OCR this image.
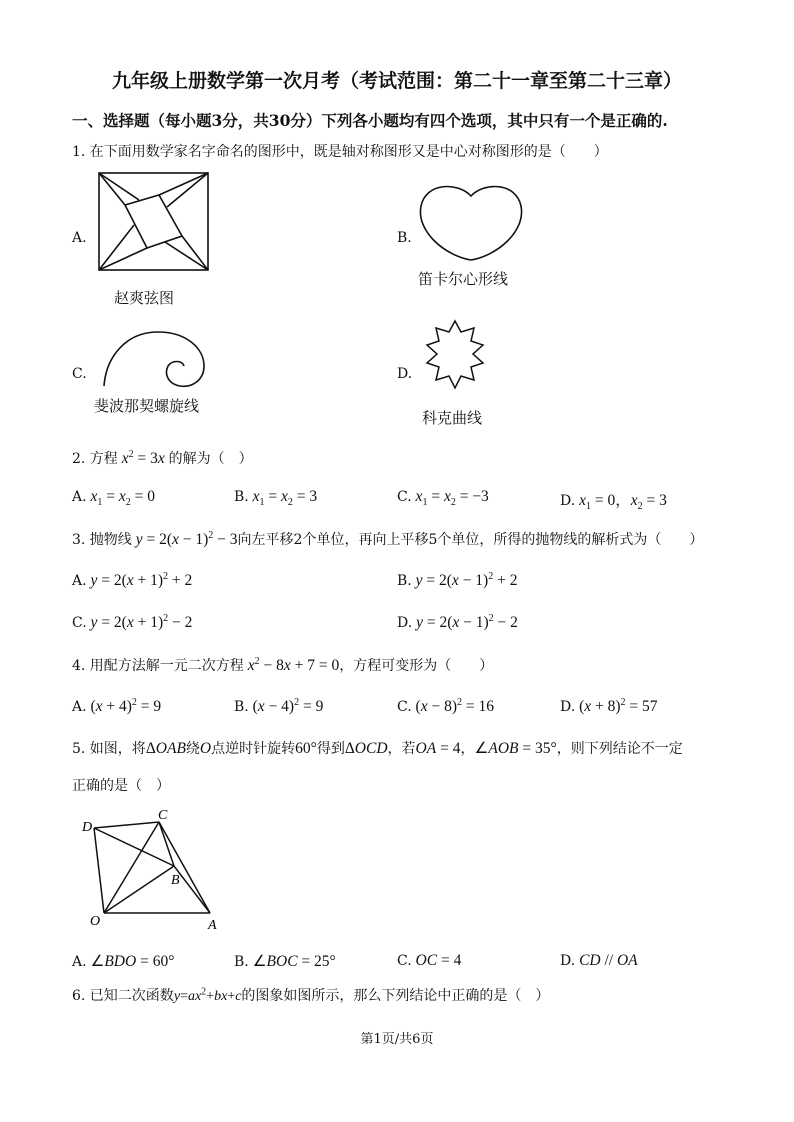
九年级上册数学第一次月考（考试范围：第二十一章至第二十三章）
一、选择题（每小题3分，共30分）下列各小题均有四个选项，其中只有一个是正确的.
1. 在下面用数学家名字命名的图形中，既是轴对称图形又是中心对称图形的是（　　）
A.
赵爽弦图
B.
笛卡尔心形线
C.
斐波那契螺旋线
D.
科克曲线
2. 方程 $x^2 = 3x$ 的解为（　）
A. $x_1 = x_2 = 0$	B. $x_1 = x_2 = 3$	C. $x_1 = x_2 = -3$	D. $x_1 = 0$，$x_2 = 3$
3. 抛物线 $y = 2(x - 1)^2 - 3$向左平移2个单位，再向上平移5个单位，所得的抛物线的解析式为（　　）
A. $y = 2(x + 1)^2 + 2$	B. $y = 2(x - 1)^2 + 2$
C. $y = 2(x + 1)^2 - 2$	D. $y = 2(x - 1)^2 - 2$
4. 用配方法解一元二次方程 $x^2 - 8x + 7 = 0$，方程可变形为（　　）
A. $(x + 4)^2 = 9$	B. $(x - 4)^2 = 9$	C. $(x - 8)^2 = 16$	D. $(x + 8)^2 = 57$
5. 如图，将ΔOAB绕O点逆时针旋转60°得到ΔOCD，若OA = 4，∠AOB = 35°，则下列结论不一定
正确的是（　）
C
D
B
O	A
A. ∠BDO = 60°	B. ∠BOC = 25°	C. OC = 4	D. CD // OA
6. 已知二次函数$y=ax^2+bx+c$的图象如图所示，那么下列结论中正确的是（　）
第1页/共6页
